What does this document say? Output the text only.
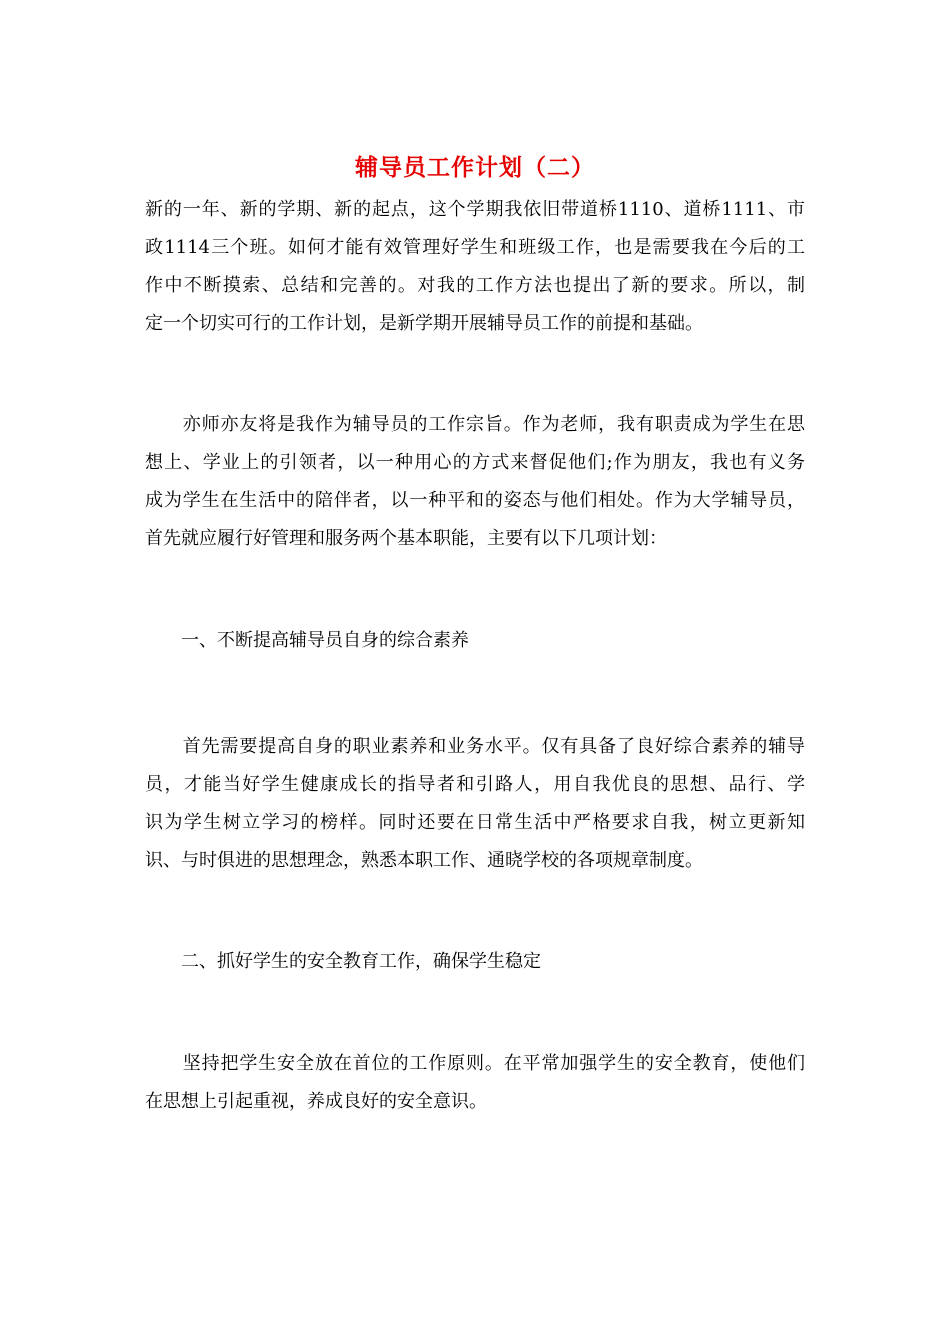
辅导员工作计划（二）
新的一年、新的学期、新的起点，这个学期我依旧带道桥1110、道桥1111、市
政1114三个班。如何才能有效管理好学生和班级工作，也是需要我在今后的工
作中不断摸索、总结和完善的。对我的工作方法也提出了新的要求。所以，制
定一个切实可行的工作计划，是新学期开展辅导员工作的前提和基础。
　　亦师亦友将是我作为辅导员的工作宗旨。作为老师，我有职责成为学生在思
想上、学业上的引领者，以一种用心的方式来督促他们;作为朋友，我也有义务
成为学生在生活中的陪伴者，以一种平和的姿态与他们相处。作为大学辅导员，
首先就应履行好管理和服务两个基本职能，主要有以下几项计划：
　　一、不断提高辅导员自身的综合素养
　　首先需要提高自身的职业素养和业务水平。仅有具备了良好综合素养的辅导
员，才能当好学生健康成长的指导者和引路人，用自我优良的思想、品行、学
识为学生树立学习的榜样。同时还要在日常生活中严格要求自我，树立更新知
识、与时俱进的思想理念，熟悉本职工作、通晓学校的各项规章制度。
　　二、抓好学生的安全教育工作，确保学生稳定
　　坚持把学生安全放在首位的工作原则。在平常加强学生的安全教育，使他们
在思想上引起重视，养成良好的安全意识。
